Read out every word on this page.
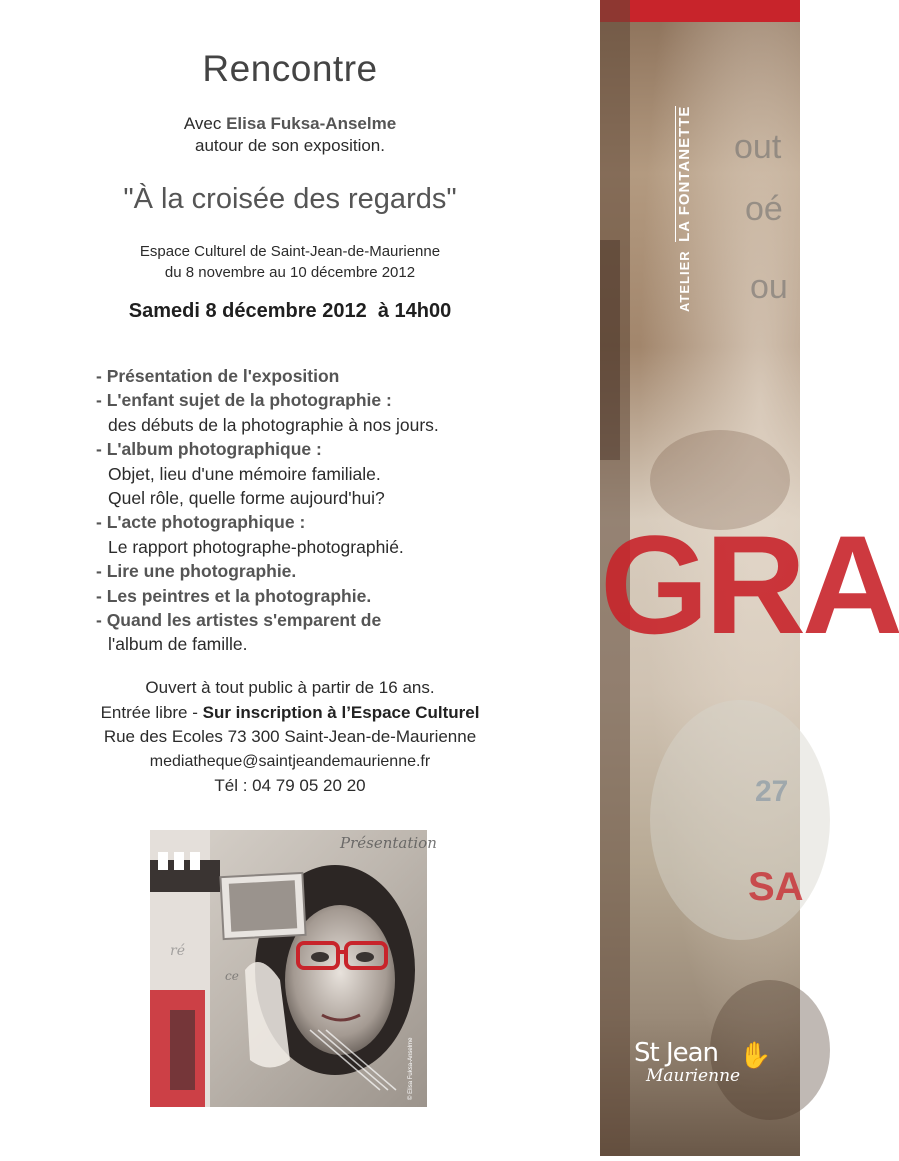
Rencontre
Avec Elisa Fuksa-Anselme
autour de son exposition.
"À la croisée des regards"
Espace Culturel de Saint-Jean-de-Maurienne
du 8 novembre au 10 décembre 2012
Samedi 8 décembre 2012  à 14h00
- Présentation de l'exposition
- L'enfant sujet de la photographie :
des débuts de la photographie à nos jours.
- L'album photographique :
Objet, lieu d'une mémoire familiale.
Quel rôle, quelle forme aujourd'hui?
- L'acte photographique :
Le rapport photographe-photographié.
- Lire une photographie.
- Les peintres et la photographie.
- Quand les artistes s'emparent de
l'album de famille.
Ouvert à tout public à partir de 16 ans.
Entrée libre - Sur inscription à l’Espace Culturel
Rue des Ecoles 73 300 Saint-Jean-de-Maurienne
mediatheque@saintjeandemaurienne.fr
Tél : 04 79 05 20 20
Présentation
ce
ré
© Elisa Fuksa-Anselme
out
oé
ou
GRA
27
SA
ATELIER LA FONTANETTE
St Jean
Maurienne
✋
